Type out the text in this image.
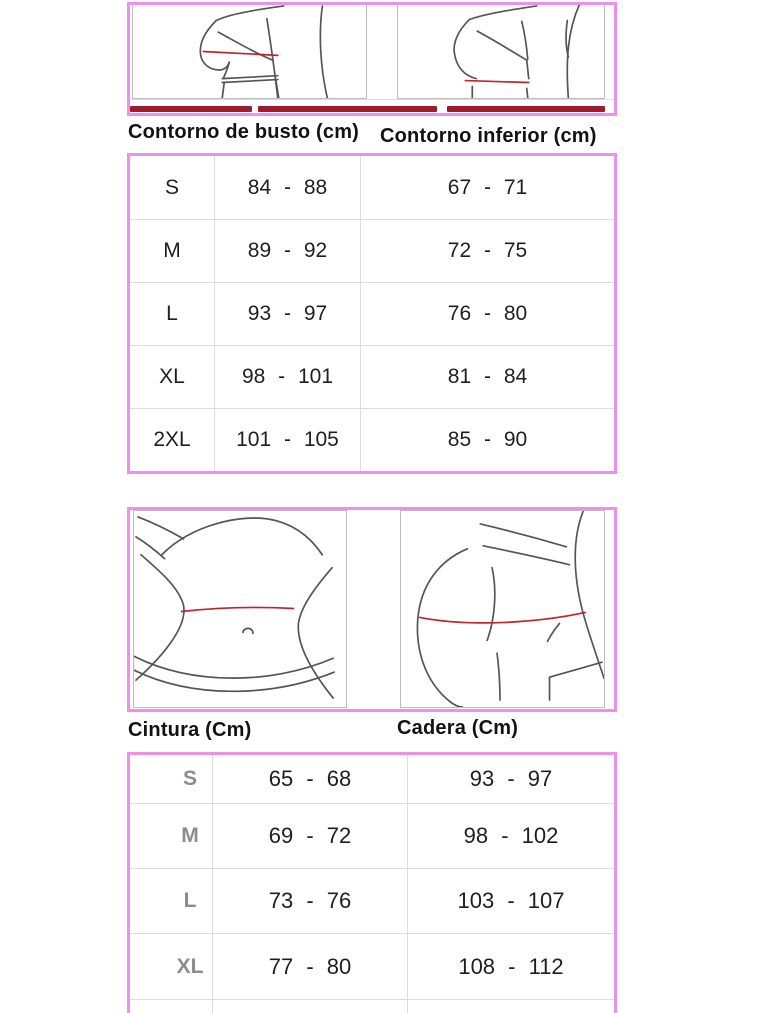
Contorno de busto (cm) Contorno inferior (cm)
S	84 - 88	67 - 71
M	89 - 92	72 - 75
L	93 - 97	76 - 80
XL	98 - 101	81 - 84
2XL	101 - 105	85 - 90
Cintura (Cm)	Cadera (Cm)
S	65 - 68	93 - 97
M	69 - 72	98 - 102
L	73 - 76	103 - 107
XL	77 - 80	108 - 112
